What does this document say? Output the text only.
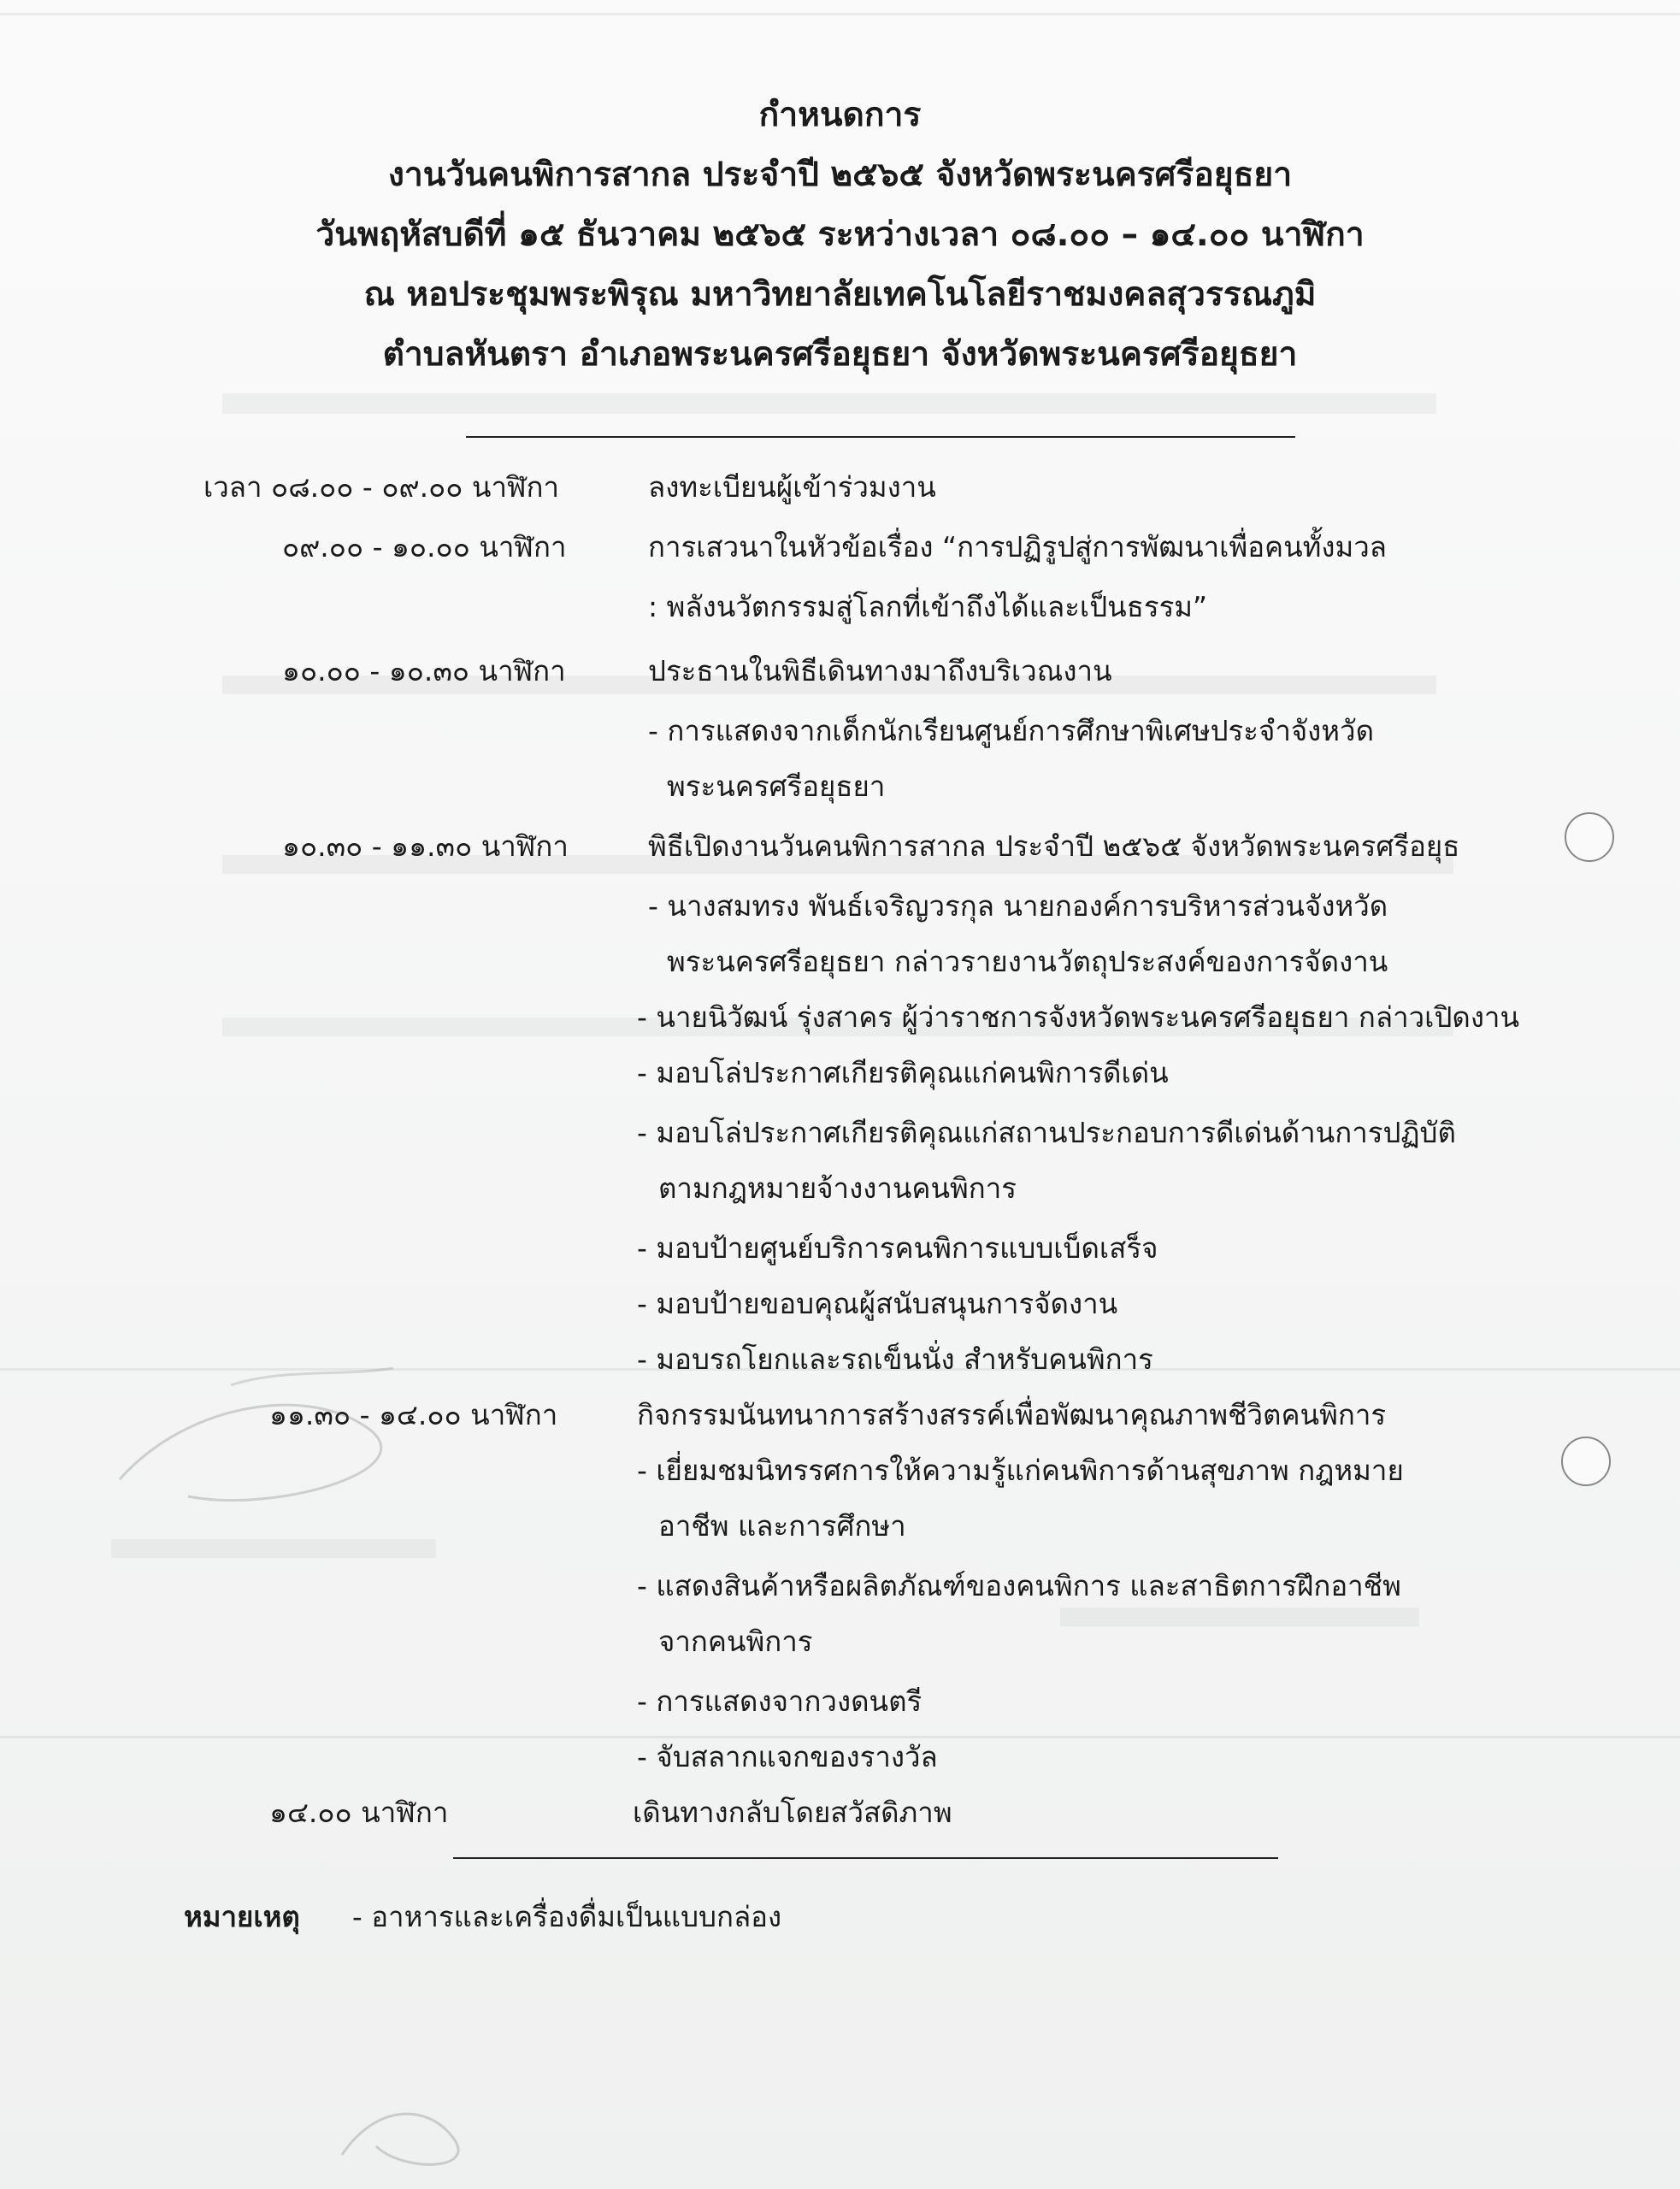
กำหนดการ
งานวันคนพิการสากล ประจำปี ๒๕๖๕ จังหวัดพระนครศรีอยุธยา
วันพฤหัสบดีที่ ๑๕ ธันวาคม ๒๕๖๕ ระหว่างเวลา ๐๘.๐๐ – ๑๔.๐๐ นาฬิกา
ณ หอประชุมพระพิรุณ มหาวิทยาลัยเทคโนโลยีราชมงคลสุวรรณภูมิ
ตำบลหันตรา อำเภอพระนครศรีอยุธยา จังหวัดพระนครศรีอยุธยา
เวลา ๐๘.๐๐ - ๐๙.๐๐ นาฬิกา	ลงทะเบียนผู้เข้าร่วมงาน
๐๙.๐๐ - ๑๐.๐๐ นาฬิกา	การเสวนาในหัวข้อเรื่อง “การปฏิรูปสู่การพัฒนาเพื่อคนทั้งมวล
: พลังนวัตกรรมสู่โลกที่เข้าถึงได้และเป็นธรรม”
๑๐.๐๐ - ๑๐.๓๐ นาฬิกา	ประธานในพิธีเดินทางมาถึงบริเวณงาน
- การแสดงจากเด็กนักเรียนศูนย์การศึกษาพิเศษประจำจังหวัด
พระนครศรีอยุธยา
๑๐.๓๐ - ๑๑.๓๐ นาฬิกา	พิธีเปิดงานวันคนพิการสากล ประจำปี ๒๕๖๕ จังหวัดพระนครศรีอยุธ
- นางสมทรง พันธ์เจริญวรกุล นายกองค์การบริหารส่วนจังหวัด
พระนครศรีอยุธยา กล่าวรายงานวัตถุประสงค์ของการจัดงาน
- นายนิวัฒน์ รุ่งสาคร ผู้ว่าราชการจังหวัดพระนครศรีอยุธยา กล่าวเปิดงาน
- มอบโล่ประกาศเกียรติคุณแก่คนพิการดีเด่น
- มอบโล่ประกาศเกียรติคุณแก่สถานประกอบการดีเด่นด้านการปฏิบัติ
ตามกฎหมายจ้างงานคนพิการ
- มอบป้ายศูนย์บริการคนพิการแบบเบ็ดเสร็จ
- มอบป้ายขอบคุณผู้สนับสนุนการจัดงาน
- มอบรถโยกและรถเข็นนั่ง สำหรับคนพิการ
๑๑.๓๐ - ๑๔.๐๐ นาฬิกา	กิจกรรมนันทนาการสร้างสรรค์เพื่อพัฒนาคุณภาพชีวิตคนพิการ
- เยี่ยมชมนิทรรศการให้ความรู้แก่คนพิการด้านสุขภาพ กฎหมาย
อาชีพ และการศึกษา
- แสดงสินค้าหรือผลิตภัณฑ์ของคนพิการ และสาธิตการฝึกอาชีพ
จากคนพิการ
- การแสดงจากวงดนตรี
- จับสลากแจกของรางวัล
๑๔.๐๐ นาฬิกา	เดินทางกลับโดยสวัสดิภาพ
หมายเหตุ - อาหารและเครื่องดื่มเป็นแบบกล่อง
